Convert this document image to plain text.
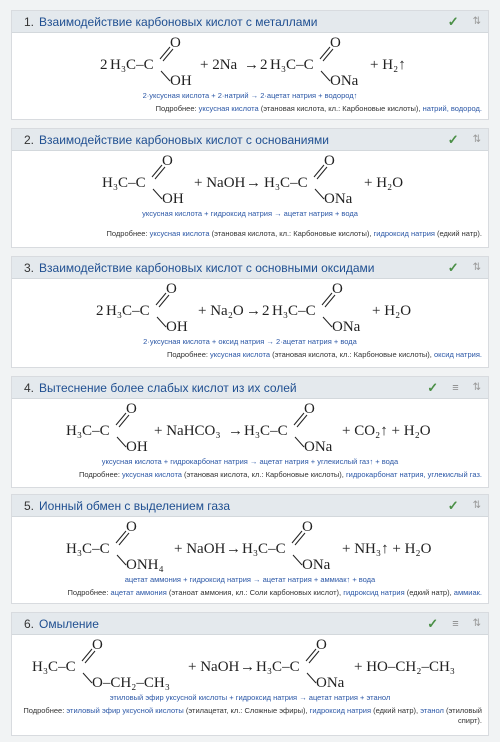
1. Взаимодействие карбоновых кислот с металлами	✓ ⇅
2 H₃C–C
O
OH
+ 2Na → 2 H₃C–C
O
ONa
+ H₂↑
2·уксусная кислота + 2·натрий → 2·ацетат натрия + водород↑
Подробнее: уксусная кислота (этановая кислота, кл.: Карбоновые кислоты), натрий, водород.
2. Взаимодействие карбоновых кислот с основаниями	✓ ⇅
H₃C–C
O
OH
+ NaOH → H₃C–C
O
ONa
+ H₂O
уксусная кислота + гидроксид натрия → ацетат натрия + вода
Подробнее: уксусная кислота (этановая кислота, кл.: Карбоновые кислоты), гидроксид натрия (едкий натр).
3. Взаимодействие карбоновых кислот с основными оксидами	✓ ⇅
2 H₃C–C
O
OH
+ Na₂O → 2 H₃C–C
O
ONa
+ H₂O
2·уксусная кислота + оксид натрия → 2·ацетат натрия + вода
Подробнее: уксусная кислота (этановая кислота, кл.: Карбоновые кислоты), оксид натрия.
4. Вытеснение более слабых кислот из их солей	✓ ≡ ⇅
H₃C–C
O
OH
+ NaHCO₃ → H₃C–C
O
ONa
+ CO₂↑ + H₂O
уксусная кислота + гидрокарбонат натрия → ацетат натрия + углекислый газ↑ + вода
Подробнее: уксусная кислота (этановая кислота, кл.: Карбоновые кислоты), гидрокарбонат натрия, углекислый газ.
5. Ионный обмен с выделением газа	✓ ⇅
H₃C–C
O
ONH₄
+ NaOH → H₃C–C
O
ONa
+ NH₃↑ + H₂O
ацетат аммония + гидроксид натрия → ацетат натрия + аммиак↑ + вода
Подробнее: ацетат аммония (этаноат аммония, кл.: Соли карбоновых кислот), гидроксид натрия (едкий натр), аммиак.
6. Омыление	✓ ≡ ⇅
H₃C–C
O
O–CH₂–CH₃
+ NaOH → H₃C–C
O
ONa
+ HO–CH₂–CH₃
этиловый эфир уксусной кислоты + гидроксид натрия → ацетат натрия + этанол
Подробнее: этиловый эфир уксусной кислоты (этилацетат, кл.: Сложные эфиры), гидроксид натрия (едкий натр), этанол (этиловый спирт).
